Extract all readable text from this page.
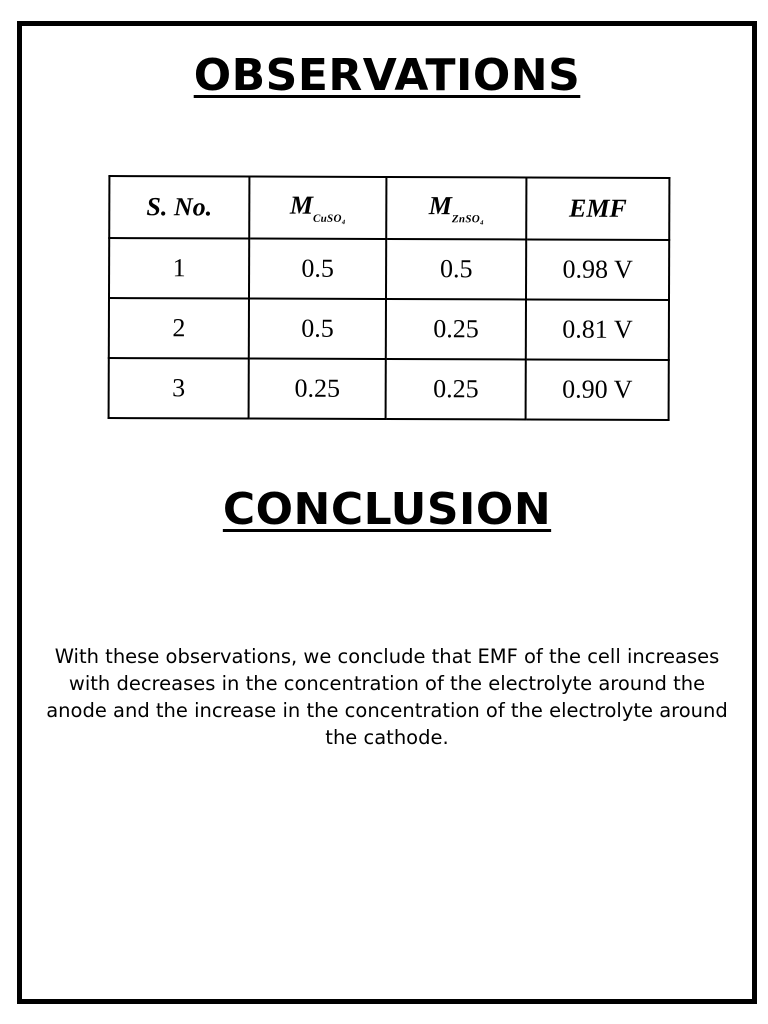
OBSERVATIONS
S. No.	$M_{CuSO_4}$	$M_{ZnSO_4}$	EMF
1	0.5	0.5	0.98 V
2	0.5	0.25	0.81 V
3	0.25	0.25	0.90 V
CONCLUSION

With these observations, we conclude that EMF of the cell increases with decreases in the concentration of the electrolyte around the anode and the increase in the concentration of the electrolyte around the cathode.
